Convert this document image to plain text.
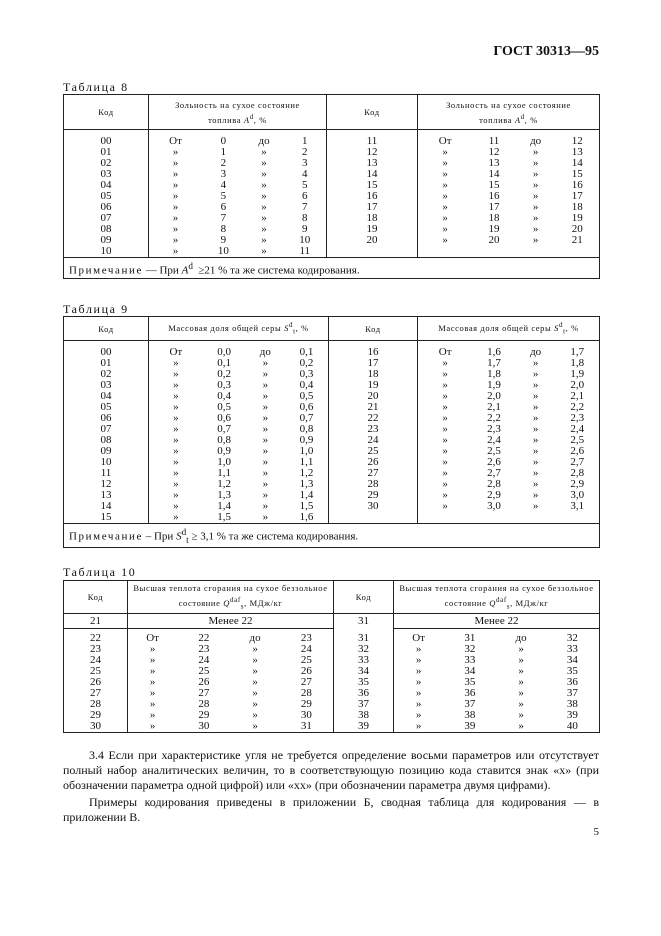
ГОСТ 30313—95
Таблица 8
Код	Зольность на сухое состояние
топлива $A^d$, %	Код	Зольность на сухое состояние
топлива $A^d$, %
00	От 0 до 1	11	От 11 до 12

01	» 1 » 2	12	» 12 » 13

02	» 2 » 3	13	» 13 » 14

03	» 3 » 4	14	» 14 » 15

04	» 4 » 5	15	» 15 » 16

05	» 5 » 6	16	» 16 » 17

06	» 6 » 7	17	» 17 » 18

07	» 7 » 8	18	» 18 » 19

08	» 8 » 9	19	» 19 » 20

09	» 9 » 10	20	» 20 » 21

10	» 10 » 11		

Примечание — При $A^d \ge 21$ % та же система кодирования.			
Таблица 9
Код	Массовая доля общей серы $S^d_t$, %	Код	Массовая доля общей серы $S^d_t$, %
00	От 0,0 до 0,1	16	От 1,6 до 1,7

01	» 0,1 » 0,2	17	» 1,7 » 1,8

02	» 0,2 » 0,3	18	» 1,8 » 1,9

03	» 0,3 » 0,4	19	» 1,9 » 2,0

04	» 0,4 » 0,5	20	» 2,0 » 2,1

05	» 0,5 » 0,6	21	» 2,1 » 2,2

06	» 0,6 » 0,7	22	» 2,2 » 2,3

07	» 0,7 » 0,8	23	» 2,3 » 2,4

08	» 0,8 » 0,9	24	» 2,4 » 2,5

09	» 0,9 » 1,0	25	» 2,5 » 2,6

10	» 1,0 » 1,1	26	» 2,6 » 2,7

11	» 1,1 » 1,2	27	» 2,7 » 2,8

12	» 1,2 » 1,3	28	» 2,8 » 2,9

13	» 1,3 » 1,4	29	» 2,9 » 3,0

14	» 1,4 » 1,5	30	» 3,0 » 3,1

15	» 1,5 » 1,6		

Примечание – При $S^d_t \ge 3,1$ % та же система кодирования.			
Таблица 10
Код	Высшая теплота сгорания на сухое беззольное
состояние $Q^{daf}_s$, МДж/кг	Код	Высшая теплота сгорания на сухое беззольное
состояние $Q^{daf}_s$, МДж/кг
21	Менее 22	31	Менее 22
22	От 22 до 23	31	От 31 до 32

23	» 23 » 24	32	» 32 » 33

24	» 24 » 25	33	» 33 » 34

25	» 25 » 26	34	» 34 » 35

26	» 26 » 27	35	» 35 » 36

27	» 27 » 28	36	» 36 » 37

28	» 28 » 29	37	» 37 » 38

29	» 29 » 30	38	» 38 » 39

30	» 30 » 31	39	» 39 » 40
3.4 Если при характеристике угля не требуется определение восьми параметров или отсутствует полный набор аналитических величин, то в соответствующую позицию кода ставится знак «х» (при обозначении параметра одной цифрой) или «хх» (при обозначении параметра двумя цифрами).
Примеры кодирования приведены в приложении Б, сводная таблица для кодирования — в приложении В.
5
